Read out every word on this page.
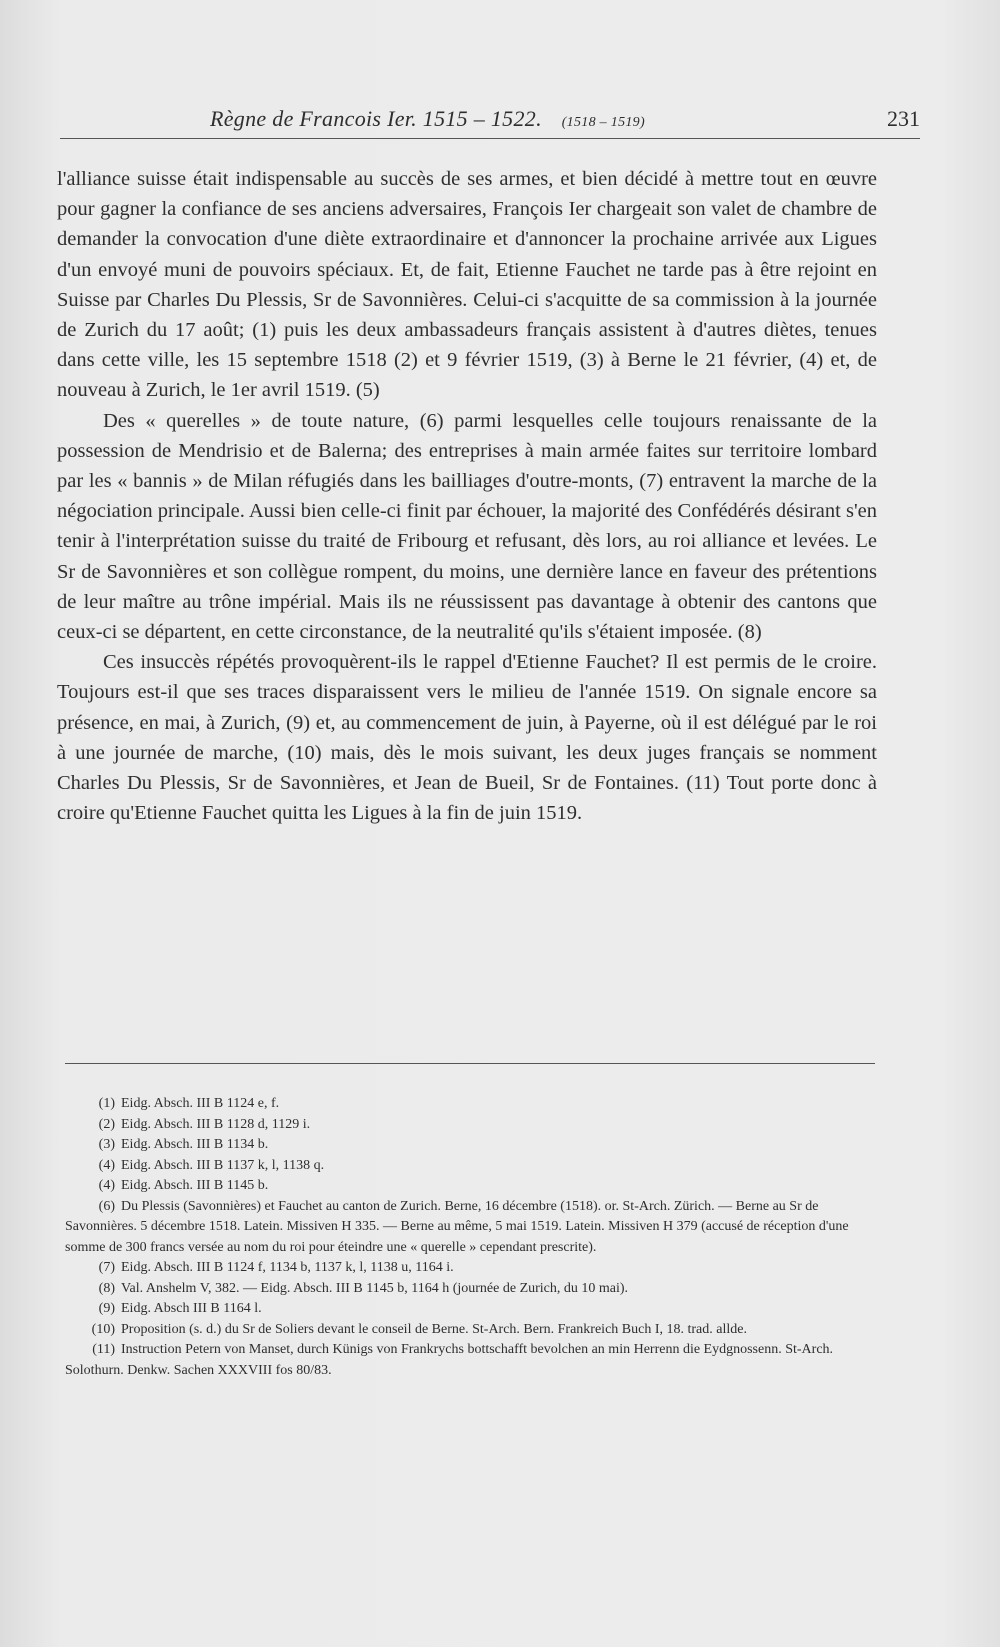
Règne de Francois Ier. 1515 – 1522. (1518 – 1519)	231

l'alliance suisse était indispensable au succès de ses armes, et bien décidé à mettre tout en œuvre pour gagner la confiance de ses anciens adversaires, François Ier chargeait son valet de chambre de demander la convocation d'une diète extraordinaire et d'annoncer la prochaine arrivée aux Ligues d'un envoyé muni de pouvoirs spéciaux. Et, de fait, Etienne Fauchet ne tarde pas à être rejoint en Suisse par Charles Du Plessis, Sr de Savonnières. Celui-ci s'acquitte de sa commission à la journée de Zurich du 17 août; (1) puis les deux ambassadeurs français assistent à d'autres diètes, tenues dans cette ville, les 15 septembre 1518 (2) et 9 février 1519, (3) à Berne le 21 février, (4) et, de nouveau à Zurich, le 1er avril 1519. (5)

Des « querelles » de toute nature, (6) parmi lesquelles celle toujours renaissante de la possession de Mendrisio et de Balerna; des entreprises à main armée faites sur territoire lombard par les « bannis » de Milan réfugiés dans les bailliages d'outre-monts, (7) entravent la marche de la négociation principale. Aussi bien celle-ci finit par échouer, la majorité des Confédérés désirant s'en tenir à l'interprétation suisse du traité de Fribourg et refusant, dès lors, au roi alliance et levées. Le Sr de Savonnières et son collègue rompent, du moins, une dernière lance en faveur des prétentions de leur maître au trône impérial. Mais ils ne réussissent pas davantage à obtenir des cantons que ceux-ci se départent, en cette circonstance, de la neutralité qu'ils s'étaient imposée. (8)

Ces insuccès répétés provoquèrent-ils le rappel d'Etienne Fauchet? Il est permis de le croire. Toujours est-il que ses traces disparaissent vers le milieu de l'année 1519. On signale encore sa présence, en mai, à Zurich, (9) et, au commencement de juin, à Payerne, où il est délégué par le roi à une journée de marche, (10) mais, dès le mois suivant, les deux juges français se nomment Charles Du Plessis, Sr de Savonnières, et Jean de Bueil, Sr de Fontaines. (11) Tout porte donc à croire qu'Etienne Fauchet quitta les Ligues à la fin de juin 1519.

(1) Eidg. Absch. III B 1124 e, f.

(2) Eidg. Absch. III B 1128 d, 1129 i.

(3) Eidg. Absch. III B 1134 b.

(4) Eidg. Absch. III B 1137 k, l, 1138 q.

(4) Eidg. Absch. III B 1145 b.

(6) Du Plessis (Savonnières) et Fauchet au canton de Zurich. Berne, 16 décembre (1518). or. St-Arch. Zürich. — Berne au Sr de Savonnières. 5 décembre 1518. Latein. Missiven H 335. — Berne au même, 5 mai 1519. Latein. Missiven H 379 (accusé de réception d'une somme de 300 francs versée au nom du roi pour éteindre une « querelle » cependant prescrite).

(7) Eidg. Absch. III B 1124 f, 1134 b, 1137 k, l, 1138 u, 1164 i.

(8) Val. Anshelm V, 382. — Eidg. Absch. III B 1145 b, 1164 h (journée de Zurich, du 10 mai).

(9) Eidg. Absch III B 1164 l.

(10) Proposition (s. d.) du Sr de Soliers devant le conseil de Berne. St-Arch. Bern. Frankreich Buch I, 18. trad. allde.

(11) Instruction Petern von Manset, durch Künigs von Frankrychs bottschafft bevolchen an min Herrenn die Eydgnossenn. St-Arch. Solothurn. Denkw. Sachen XXXVIII fos 80/83.
